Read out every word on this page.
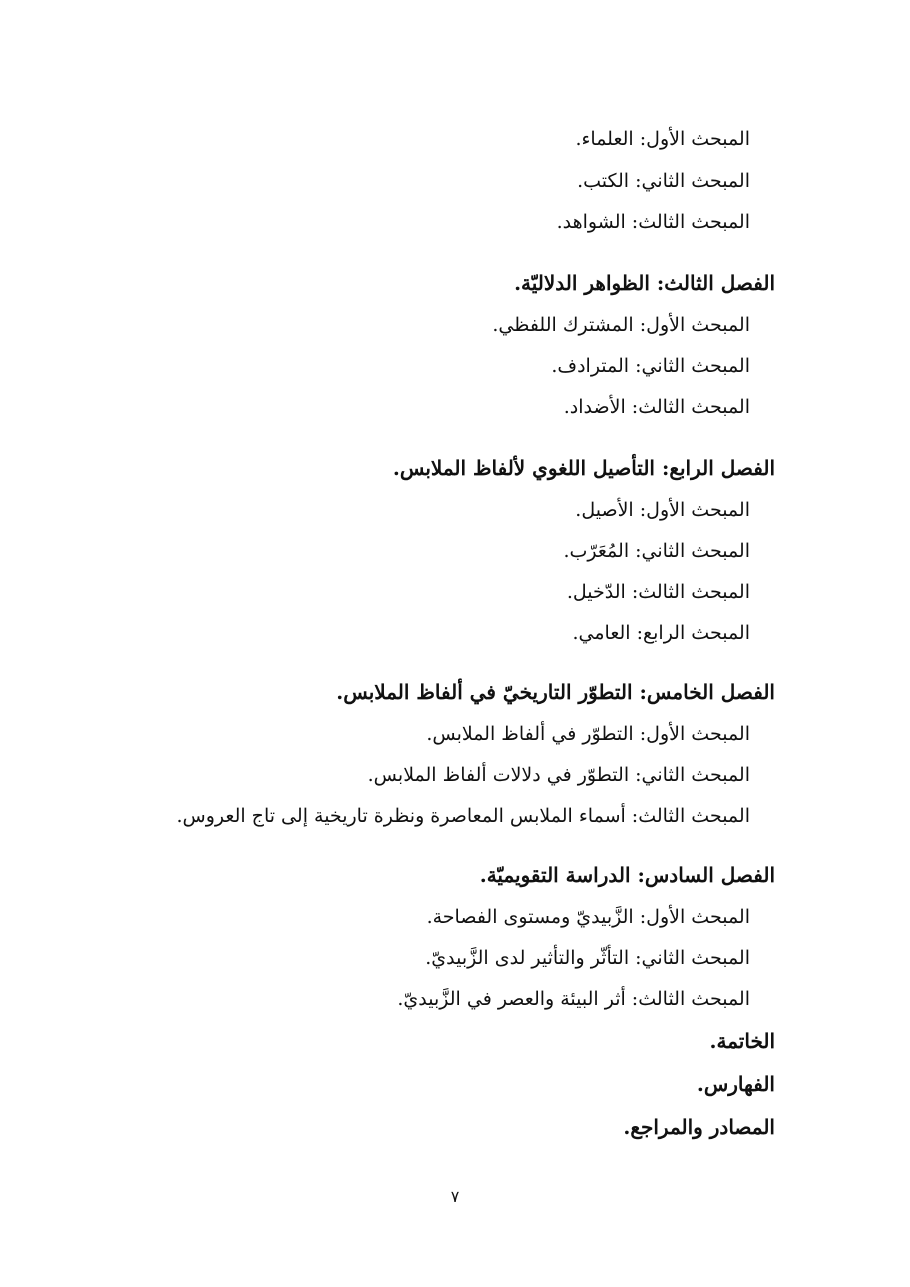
المبحث الأول: العلماء.
المبحث الثاني: الكتب.
المبحث الثالث: الشواهد.
الفصل الثالث: الظواهر الدلاليّة.
المبحث الأول: المشترك اللفظي.
المبحث الثاني: المترادف.
المبحث الثالث: الأضداد.
الفصل الرابع: التأصيل اللغوي لألفاظ الملابس.
المبحث الأول: الأصيل.
المبحث الثاني: المُعَرّب.
المبحث الثالث: الدّخيل.
المبحث الرابع: العامي.
الفصل الخامس: التطوّر التاريخيّ في ألفاظ الملابس.
المبحث الأول: التطوّر في ألفاظ الملابس.
المبحث الثاني: التطوّر في دلالات ألفاظ الملابس.
المبحث الثالث: أسماء الملابس المعاصرة ونظرة تاريخية إلى تاج العروس.
الفصل السادس: الدراسة التقويميّة.
المبحث الأول: الزَّبيديّ ومستوى الفصاحة.
المبحث الثاني: التأثّر والتأثير لدى الزَّبيديّ.
المبحث الثالث: أثر البيئة والعصر في الزَّبيديّ.
الخاتمة.
الفهارس.
المصادر والمراجع.
٧
